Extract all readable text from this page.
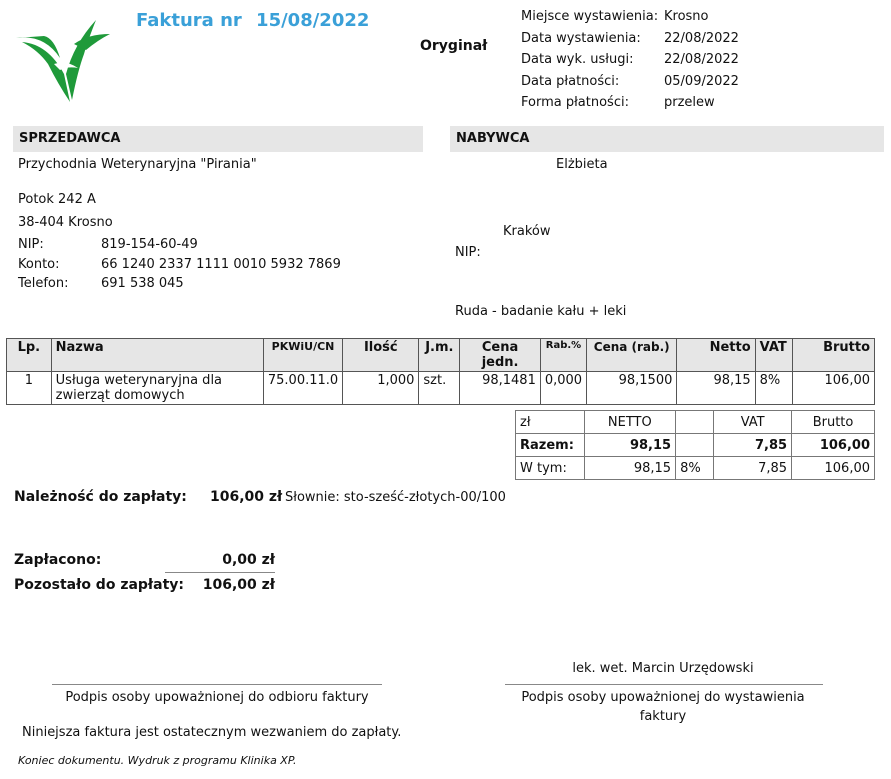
Faktura nr 15/08/2022
Oryginał
Miejsce wystawienia: Krosno
Data wystawienia:	22/08/2022
Data wyk. usługi:	22/08/2022
Data płatności:	05/09/2022
Forma płatności:	przelew
SPRZEDAWCA
Przychodnia Weterynaryjna "Pirania"
Potok 242 A
38-404 Krosno
NIP:	819-154-60-49
Konto:	66 1240 2337 1111 0010 5932 7869
Telefon:	691 538 045
NABYWCA
Elżbieta
Kraków
NIP:
Ruda - badanie kału + leki
Lp.	Nazwa	PKWiU/CN	Ilość	J.m.	Cena jedn.	Rab.%	Cena (rab.)	Netto	VAT	Brutto
1	Usługa weterynaryjna dla zwierząt domowych	75.00.11.0	1,000	szt.	98,1481	0,000	98,1500	98,15	8%	106,00
zł	NETTO		VAT	Brutto
Razem:	98,15		7,85	106,00
W tym:	98,15	8%	7,85	106,00
Należność do zapłaty: 106,00 zł Słownie: sto-sześć-złotych-00/100
Zapłacono:	0,00 zł
Pozostało do zapłaty:	106,00 zł
Podpis osoby upoważnionej do odbioru faktury
lek. wet. Marcin Urzędowski
Podpis osoby upoważnionej do wystawienia
faktury
Niniejsza faktura jest ostatecznym wezwaniem do zapłaty.
Koniec dokumentu. Wydruk z programu Klinika XP.
